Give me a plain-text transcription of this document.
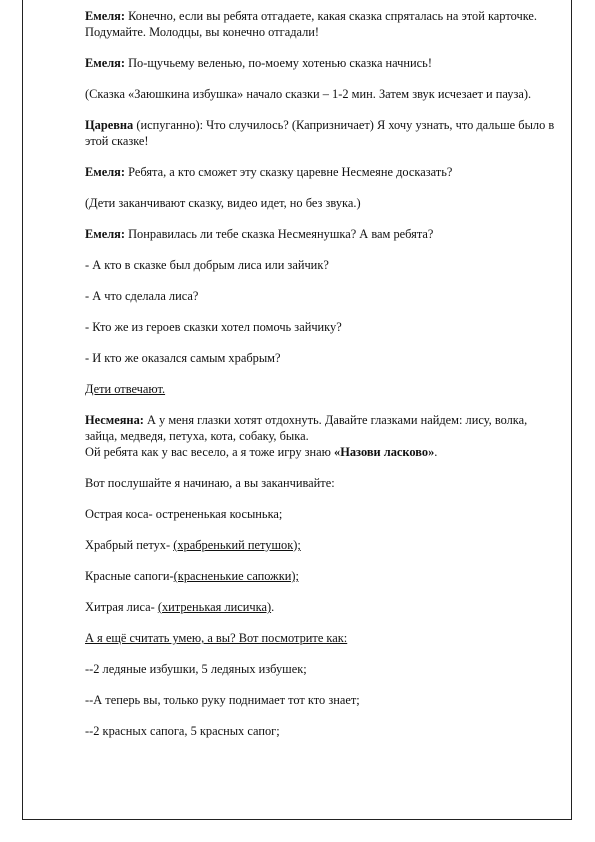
Емеля: Конечно, если вы ребята отгадаете, какая сказка спряталась на этой карточке. Подумайте. Молодцы, вы конечно отгадали!

Емеля: По-щучьему веленью, по-моему хотенью сказка начнись!

(Сказка «Заюшкина избушка» начало сказки – 1-2 мин. Затем звук исчезает и пауза).

Царевна (испуганно): Что случилось? (Капризничает) Я хочу узнать, что дальше было в этой сказке!

Емеля: Ребята, а кто сможет эту сказку царевне Несмеяне досказать?

(Дети заканчивают сказку, видео идет, но без звука.)

Емеля: Понравилась ли тебе сказка Несмеянушка? А вам ребята?

- А кто в сказке был добрым лиса или зайчик?

- А что сделала лиса?

- Кто же из героев сказки хотел помочь зайчику?

- И кто же оказался самым храбрым?

Дети отвечают.

Несмеяна: А у меня глазки хотят отдохнуть. Давайте глазками найдем: лису, волка, зайца, медведя, петуха, кота, собаку, быка.
Ой ребята как у вас весело, а я тоже игру знаю «Назови ласково».

Вот послушайте я начинаю, а вы заканчивайте:

Острая коса- острененькая косынька;

Храбрый петух- (храбренький петушок);

Красные сапоги-(красненькие сапожки);

Хитрая лиса- (хитренькая лисичка).

А я ещё считать умею, а вы? Вот посмотрите как:

--2 ледяные избушки, 5 ледяных избушек;

--А теперь вы, только руку поднимает тот кто знает;

--2 красных сапога, 5 красных сапог;
